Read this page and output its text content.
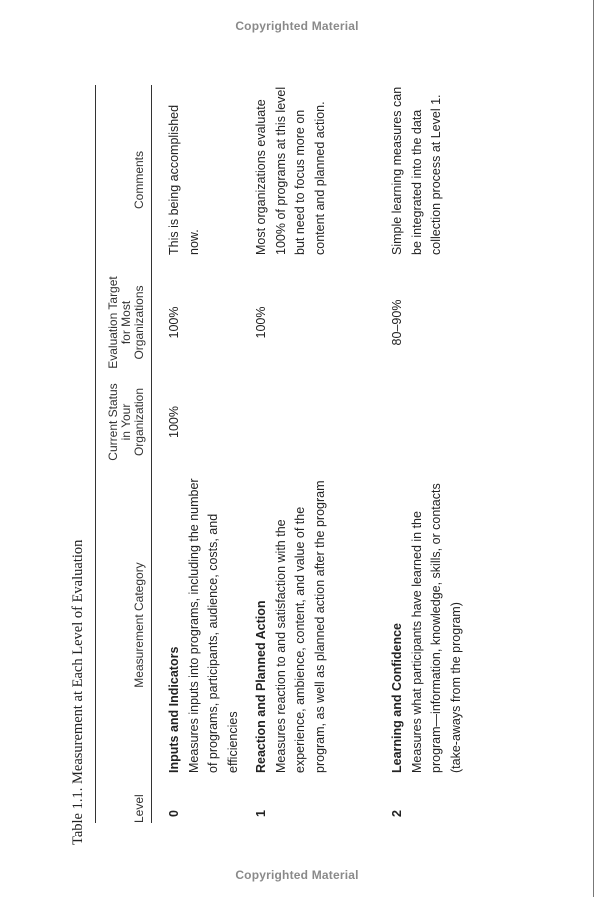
Copyrighted Material
Table 1.1. Measurement at Each Level of Evaluation	Level
Measurement Category
Current Status in Your Organization
Evaluation Target for Most Organizations
Comments
0
Inputs and Indicators Measures inputs into programs, including the number of programs, participants, audience, costs, and efficiencies
100%
100%
This is being accomplished now.
1
Reaction and Planned Action Measures reaction to and satisfaction with the experience, ambience, content, and value of the program, as well as planned action after the program
100%
Most organizations evaluate 100% of programs at this level but need to focus more on content and planned action.
2
Learning and Confidence Measures what participants have learned in the program—information, knowledge, skills, or contacts (take-aways from the program)
80–90%
Simple learning measures can be integrated into the data collection process at Level 1.
Copyrighted Material
